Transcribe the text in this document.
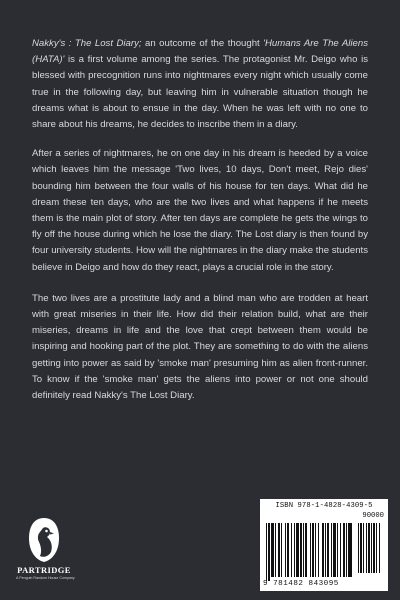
Nakky's : The Lost Diary; an outcome of the thought 'Humans Are The Aliens (HATA)' is a first volume among the series. The protagonist Mr. Deigo who is blessed with precognition runs into nightmares every night which usually come true in the following day, but leaving him in vulnerable situation though he dreams what is about to ensue in the day. When he was left with no one to share about his dreams, he decides to inscribe them in a diary.

After a series of nightmares, he on one day in his dream is heeded by a voice which leaves him the message 'Two lives, 10 days, Don't meet, Rejo dies' bounding him between the four walls of his house for ten days. What did he dream these ten days, who are the two lives and what happens if he meets them is the main plot of story. After ten days are complete he gets the wings to fly off the house during which he lose the diary. The Lost diary is then found by four university students. How will the nightmares in the diary make the students believe in Deigo and how do they react, plays a crucial role in the story.

The two lives are a prostitute lady and a blind man who are trodden at heart with great miseries in their life. How did their relation build, what are their miseries, dreams in life and the love that crept between them would be inspiring and hooking part of the plot. They are something to do with the aliens getting into power as said by 'smoke man' presuming him as alien front-runner. To know if the 'smoke man' gets the aliens into power or not one should definitely read Nakky's The Lost Diary.

PARTRIDGE
A Penguin Random House Company
ISBN 978-1-4828-4309-5
90000
9 781482 843095
